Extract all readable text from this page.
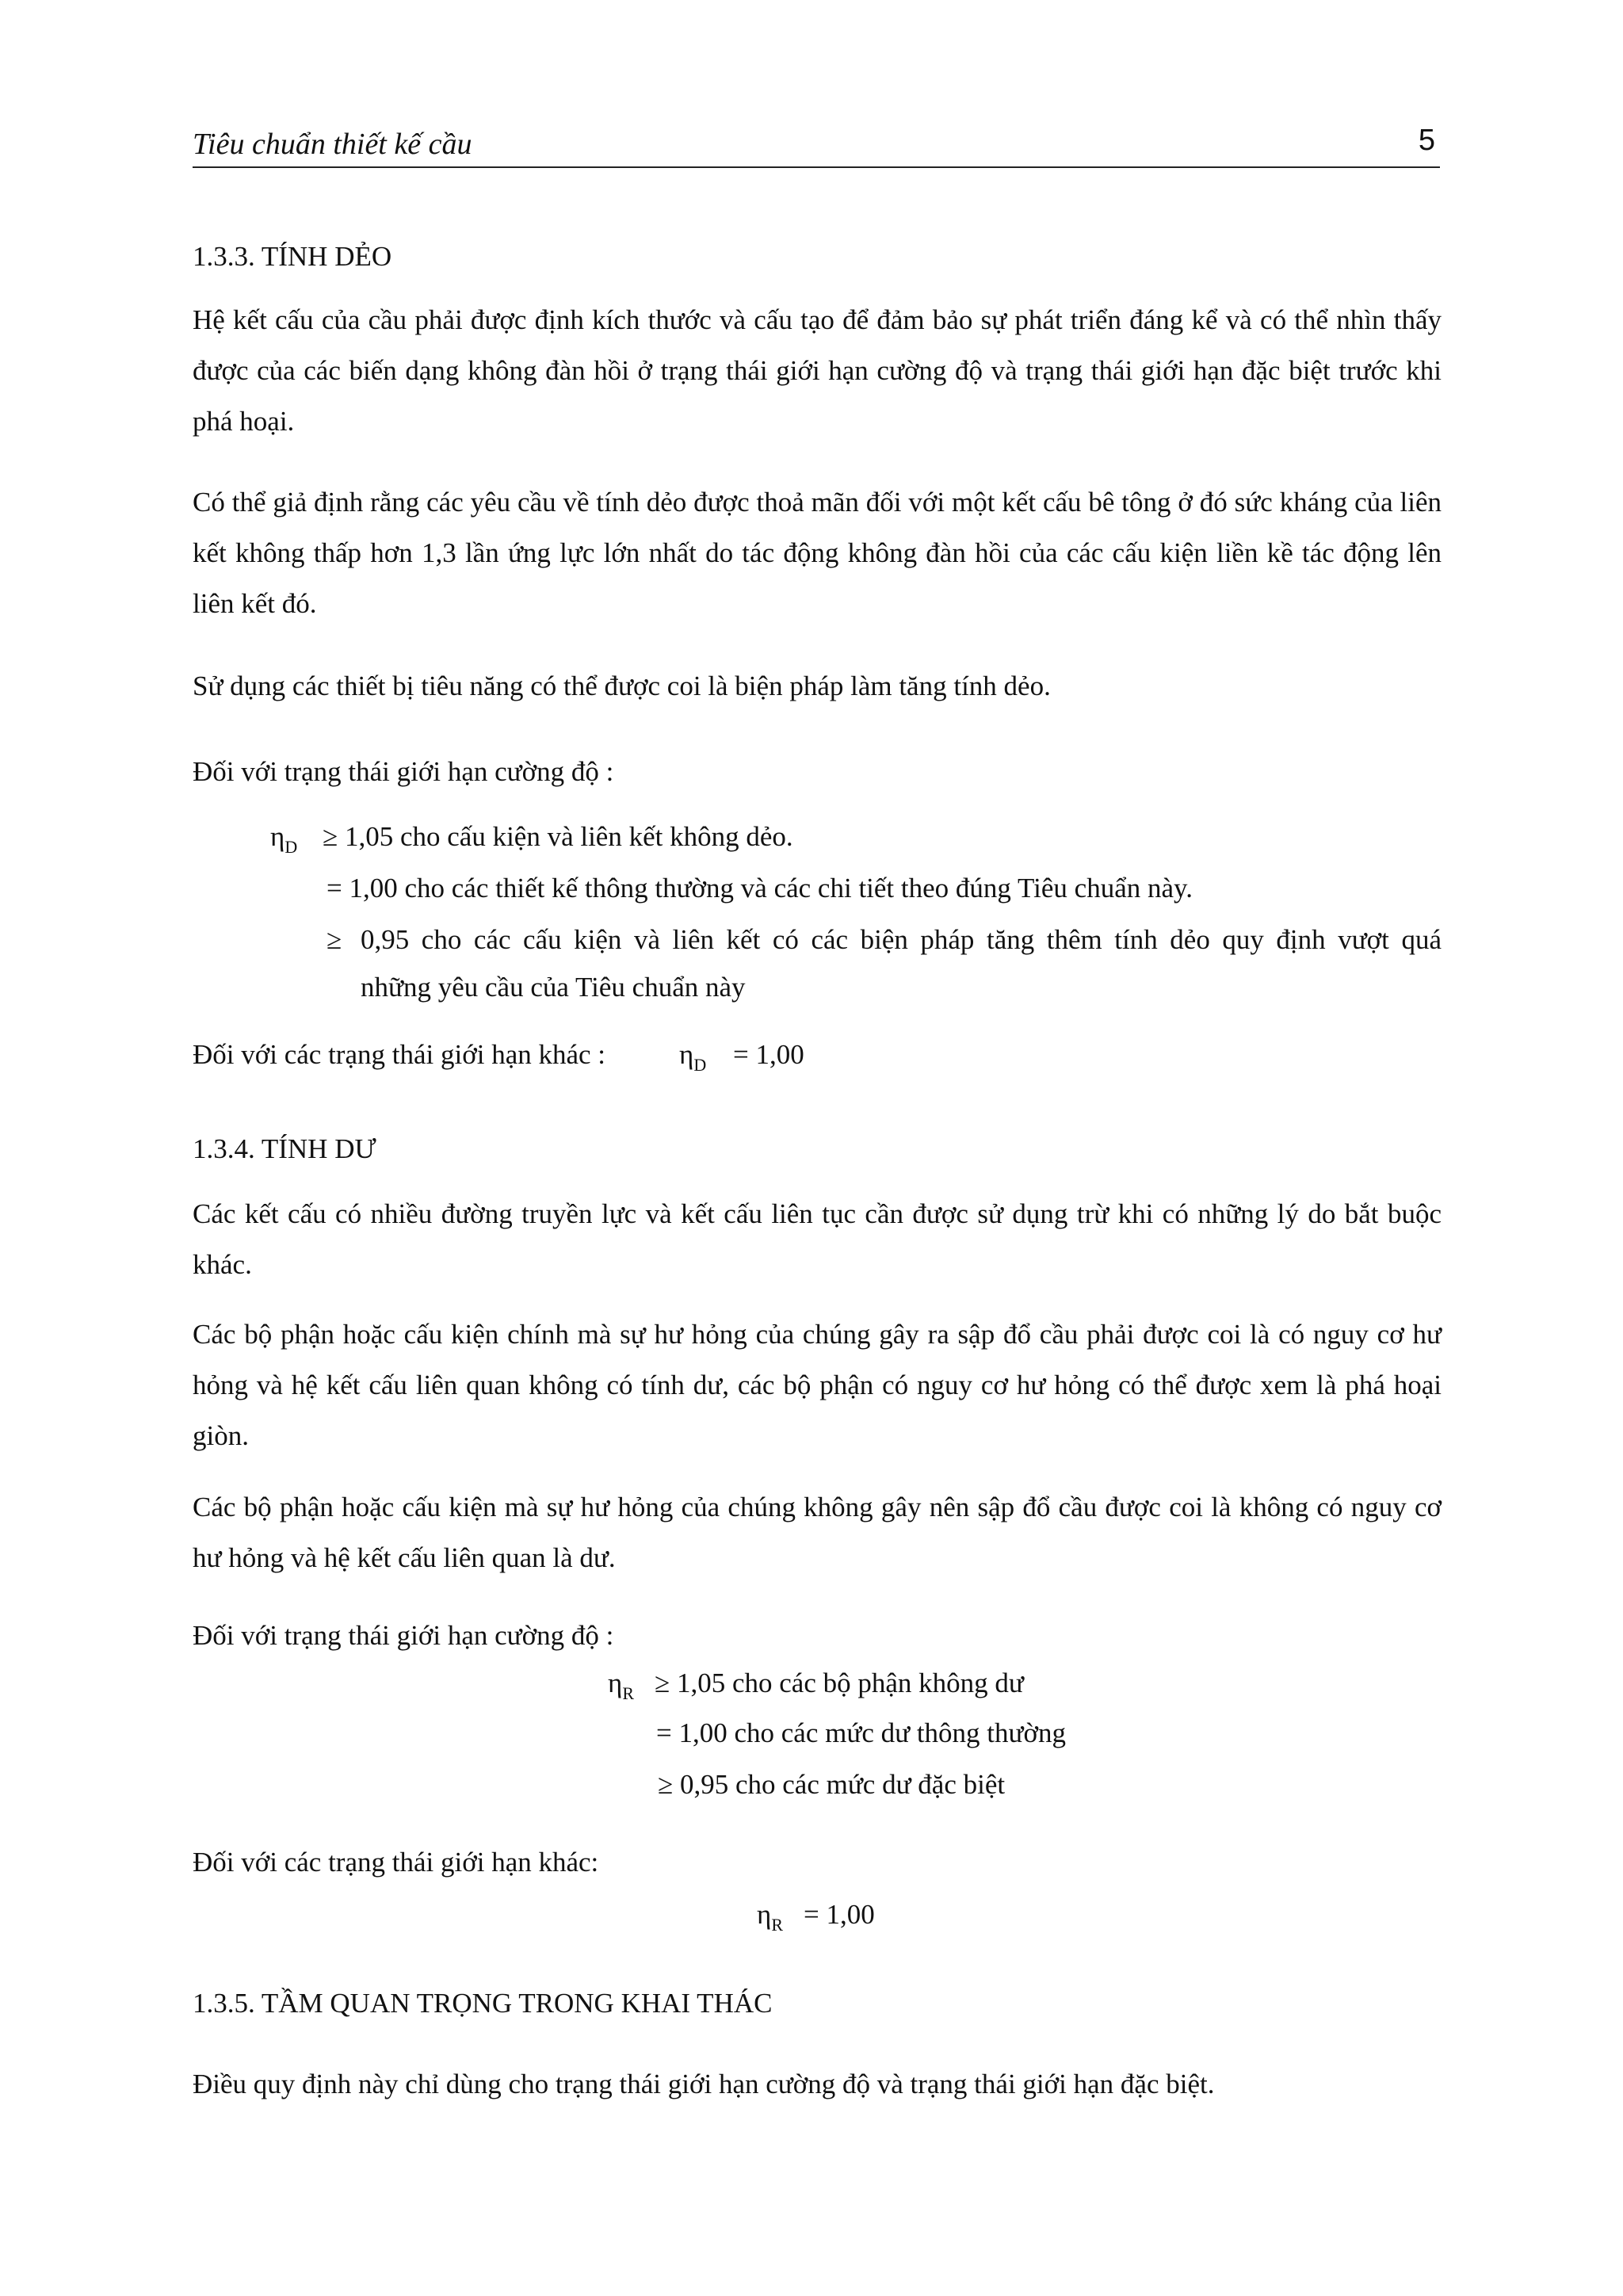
Tiêu chuẩn thiết kế cầu	5
1.3.3. TÍNH DẺO
Hệ kết cấu của cầu phải được định kích thước và cấu tạo để đảm bảo sự phát triển đáng kể và có thể nhìn thấy được của các biến dạng không đàn hồi ở trạng thái giới hạn cường độ và trạng thái giới hạn đặc biệt trước khi phá hoại.
Có thể giả định rằng các yêu cầu về tính dẻo được thoả mãn đối với một kết cấu bê tông ở đó sức kháng của liên kết không thấp hơn 1,3 lần ứng lực lớn nhất do tác động không đàn hồi của các cấu kiện liền kề tác động lên liên kết đó.
Sử dụng các thiết bị tiêu năng có thể được coi là biện pháp làm tăng tính dẻo.
Đối với trạng thái giới hạn cường độ :
$\eta_D \ge 1,05$ cho cấu kiện và liên kết không dẻo.
= 1,00 cho các thiết kế thông thường và các chi tiết theo đúng Tiêu chuẩn này.
≥ 0,95 cho các cấu kiện và liên kết có các biện pháp tăng thêm tính dẻo quy định vượt quá
những yêu cầu của Tiêu chuẩn này
Đối với các trạng thái giới hạn khác :	$\eta_D = 1,00$
1.3.4. TÍNH DƯ
Các kết cấu có nhiều đường truyền lực và kết cấu liên tục cần được sử dụng trừ khi có những lý do bắt buộc khác.
Các bộ phận hoặc cấu kiện chính mà sự hư hỏng của chúng gây ra sập đổ cầu phải được coi là có nguy cơ hư hỏng và hệ kết cấu liên quan không có tính dư, các bộ phận có nguy cơ hư hỏng có thể được xem là phá hoại giòn.
Các bộ phận hoặc cấu kiện mà sự hư hỏng của chúng không gây nên sập đổ cầu được coi là không có nguy cơ hư hỏng và hệ kết cấu liên quan là dư.
Đối với trạng thái giới hạn cường độ :
$\eta_R \ge 1,05$ cho các bộ phận không dư
= 1,00 cho các mức dư thông thường
≥ 0,95 cho các mức dư đặc biệt
Đối với các trạng thái giới hạn khác:
$\eta_R = 1,00$
1.3.5. TẦM QUAN TRỌNG TRONG KHAI THÁC
Điều quy định này chỉ dùng cho trạng thái giới hạn cường độ và trạng thái giới hạn đặc biệt.
